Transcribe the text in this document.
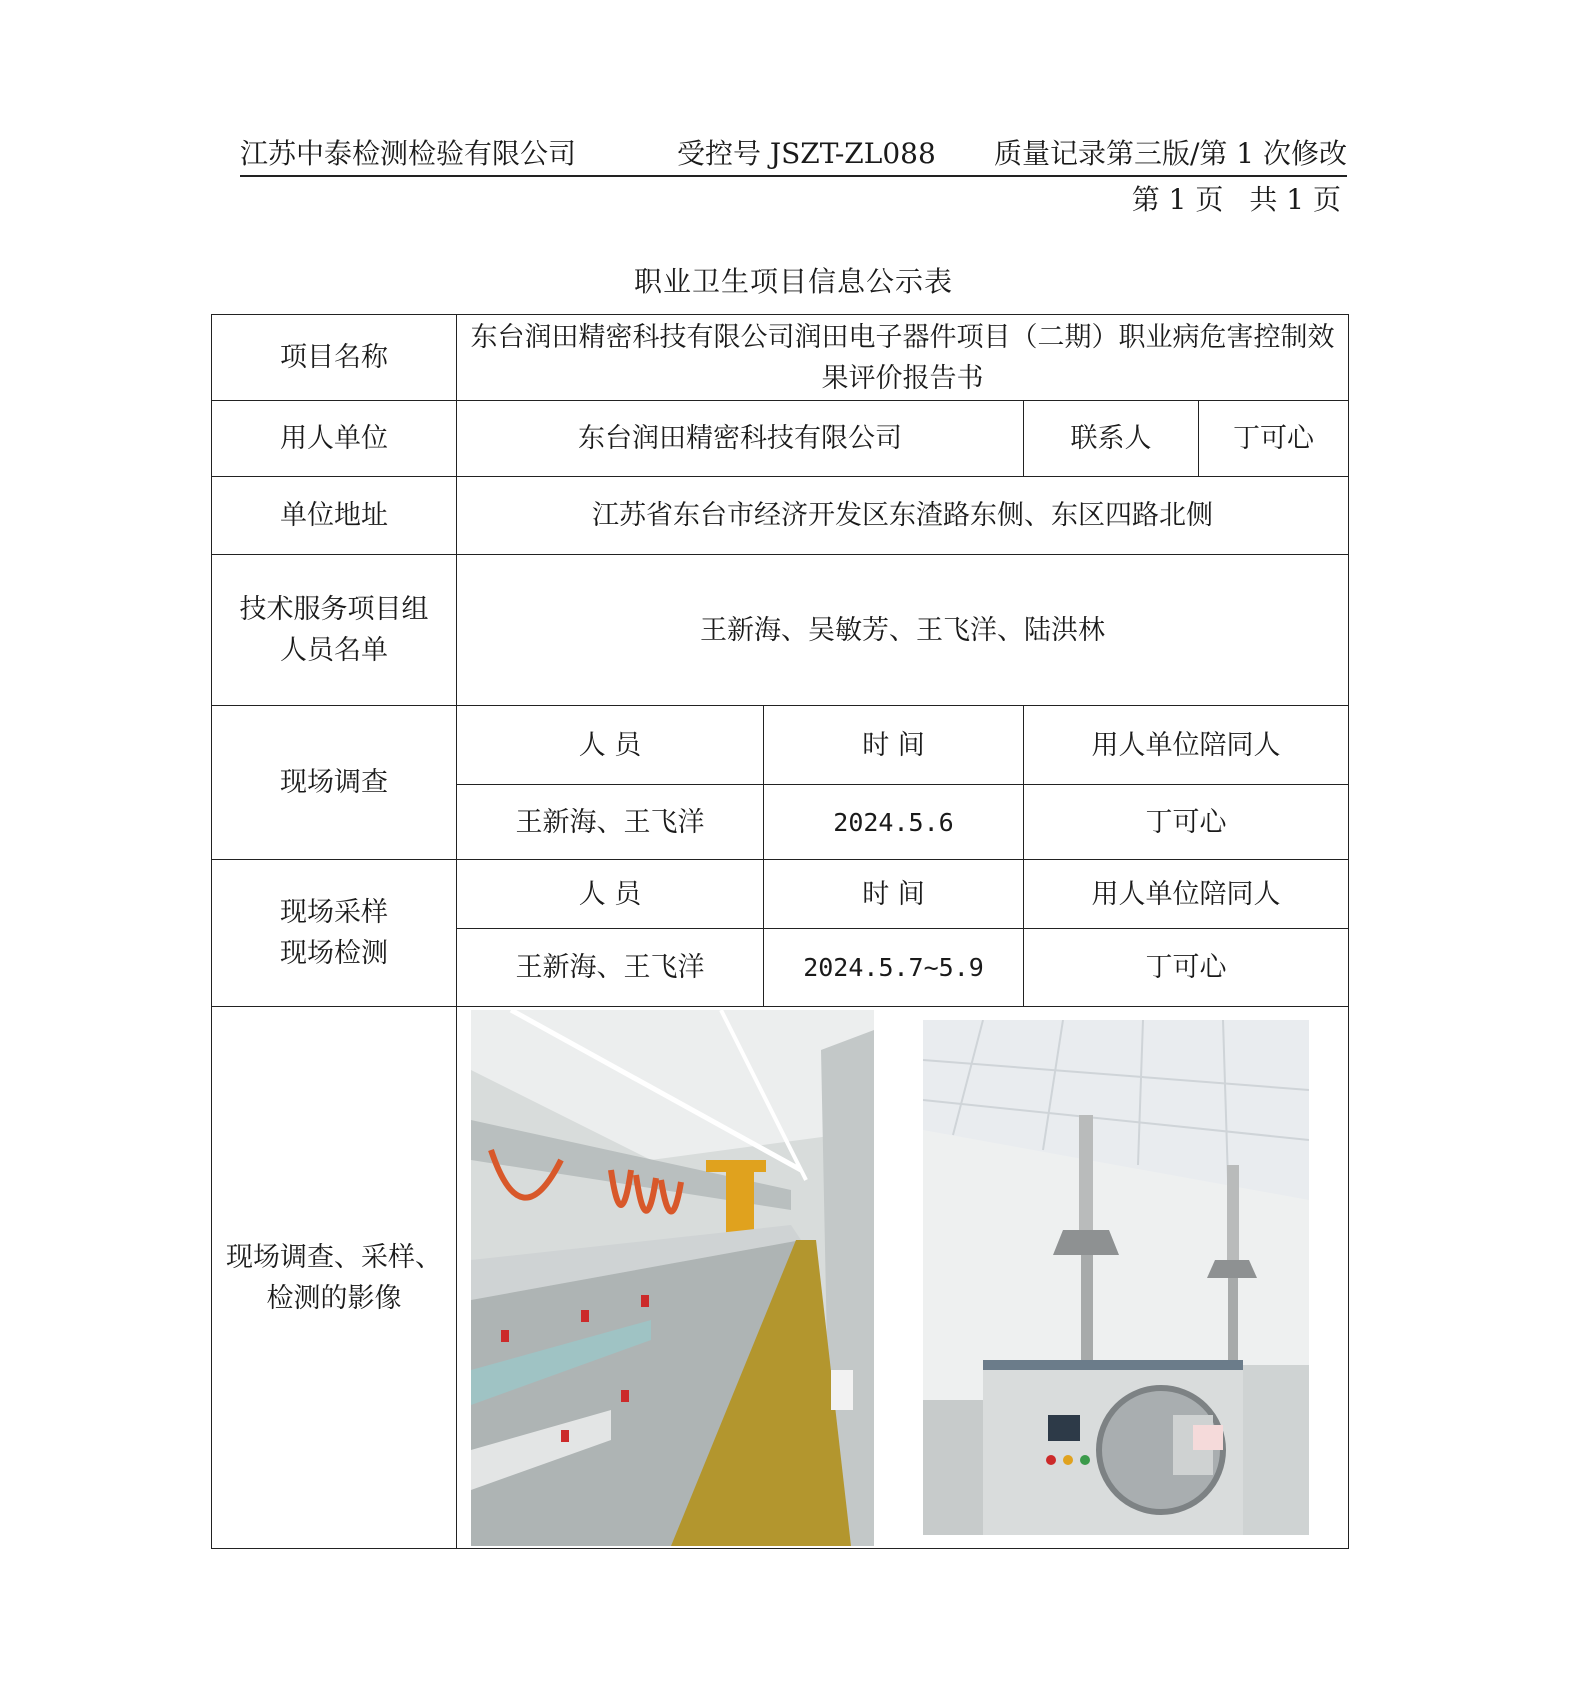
江苏中泰检测检验有限公司	受控号 JSZT-ZL088 质量记录第三版/第 1 次修改
第 1 页 共 1 页
职业卫生项目信息公示表
项目名称	东台润田精密科技有限公司润田电子器件项目（二期）职业病危害控制效果评价报告书			
用人单位	东台润田精密科技有限公司		联系人	丁可心
单位地址	江苏省东台市经济开发区东渣路东侧、东区四路北侧			
技术服务项目组人员名单	王新海、吴敏芳、王飞洋、陆洪林			
现场调查	人 员	时 间	用人单位陪同人	
	王新海、王飞洋	2024.5.6	丁可心	

现场采样
现场检测	人 员	时 间	用人单位陪同人	
	王新海、王飞洋	2024.5.7~5.9	丁可心	
现场调查、采样、检测的影像	
